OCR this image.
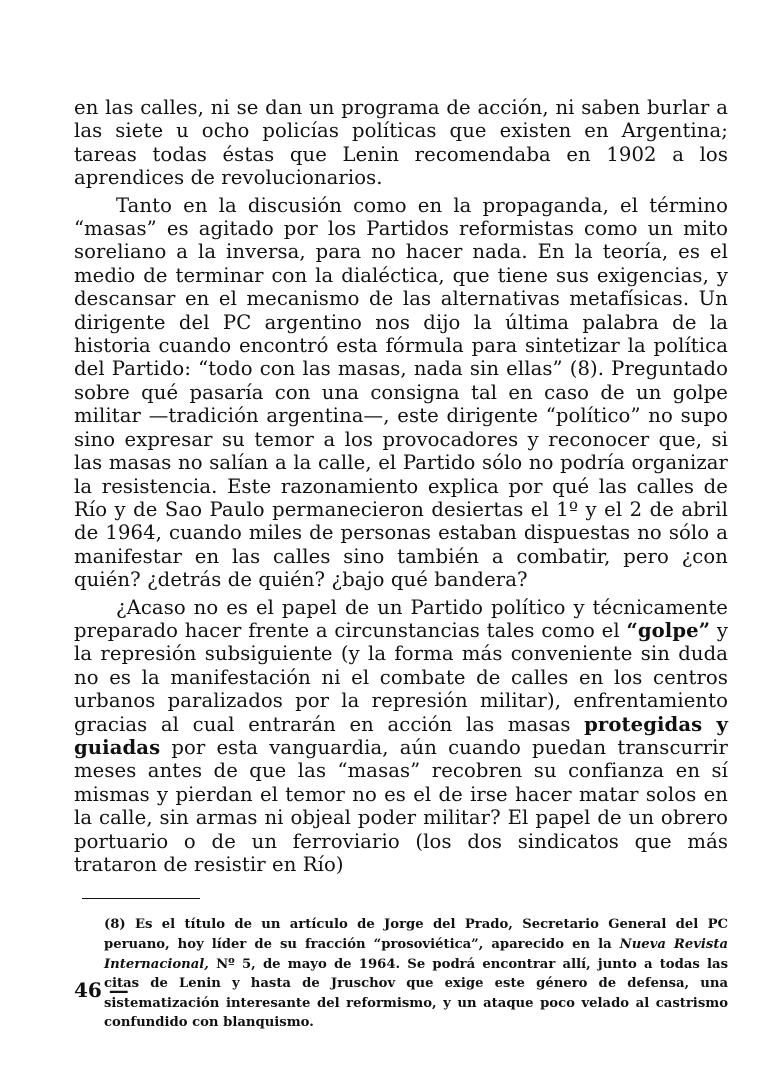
en las calles, ni se dan un programa de acción, ni saben burlar a las siete u ocho policías políticas que existen en Argentina; tareas todas éstas que Lenin recomendaba en 1902 a los aprendices de revolucionarios.

Tanto en la discusión como en la propaganda, el término “masas” es agitado por los Partidos reformistas como un mito soreliano a la inversa, para no hacer nada. En la teoría, es el medio de terminar con la dialéctica, que tiene sus exigencias, y descansar en el mecanismo de las alternativas metafísicas. Un dirigente del PC argentino nos dijo la última palabra de la historia cuando encontró esta fórmula para sintetizar la política del Partido: “todo con las masas, nada sin ellas” (8). Preguntado sobre qué pasaría con una consigna tal en caso de un golpe militar —tradición argentina—, este dirigente “político” no supo sino expresar su temor a los provocadores y reconocer que, si las masas no salían a la calle, el Partido sólo no podría organizar la resistencia. Este razonamiento explica por qué las calles de Río y de Sao Paulo permanecieron desiertas el 1º y el 2 de abril de 1964, cuando miles de personas estaban dispuestas no sólo a manifestar en las calles sino también a combatir, pero ¿con quién? ¿detrás de quién? ¿bajo qué bandera?

¿Acaso no es el papel de un Partido político y técnicamente preparado hacer frente a circunstancias tales como el “golpe” y la represión subsiguiente (y la forma más conveniente sin duda no es la manifestación ni el combate de calles en los centros urbanos paralizados por la represión militar), enfrentamiento gracias al cual entrarán en acción las masas protegidas y guiadas por esta vanguardia, aún cuando puedan transcurrir meses antes de que las “masas” recobren su confianza en sí mismas y pierdan el temor no es el de irse hacer matar solos en la calle, sin armas ni objeal poder militar? El papel de un obrero portuario o de un ferroviario (los dos sindicatos que más trataron de resistir en Río)

(8) Es el título de un artículo de Jorge del Prado, Secretario General del PC peruano, hoy líder de su fracción “prosoviética”, aparecido en la Nueva Revista Internacional, Nº 5, de mayo de 1964. Se podrá encontrar allí, junto a todas las citas de Lenin y hasta de Jruschov que exige este género de defensa, una sistematización interesante del reformismo, y un ataque poco velado al castrismo confundido con blanquismo.

46 —
